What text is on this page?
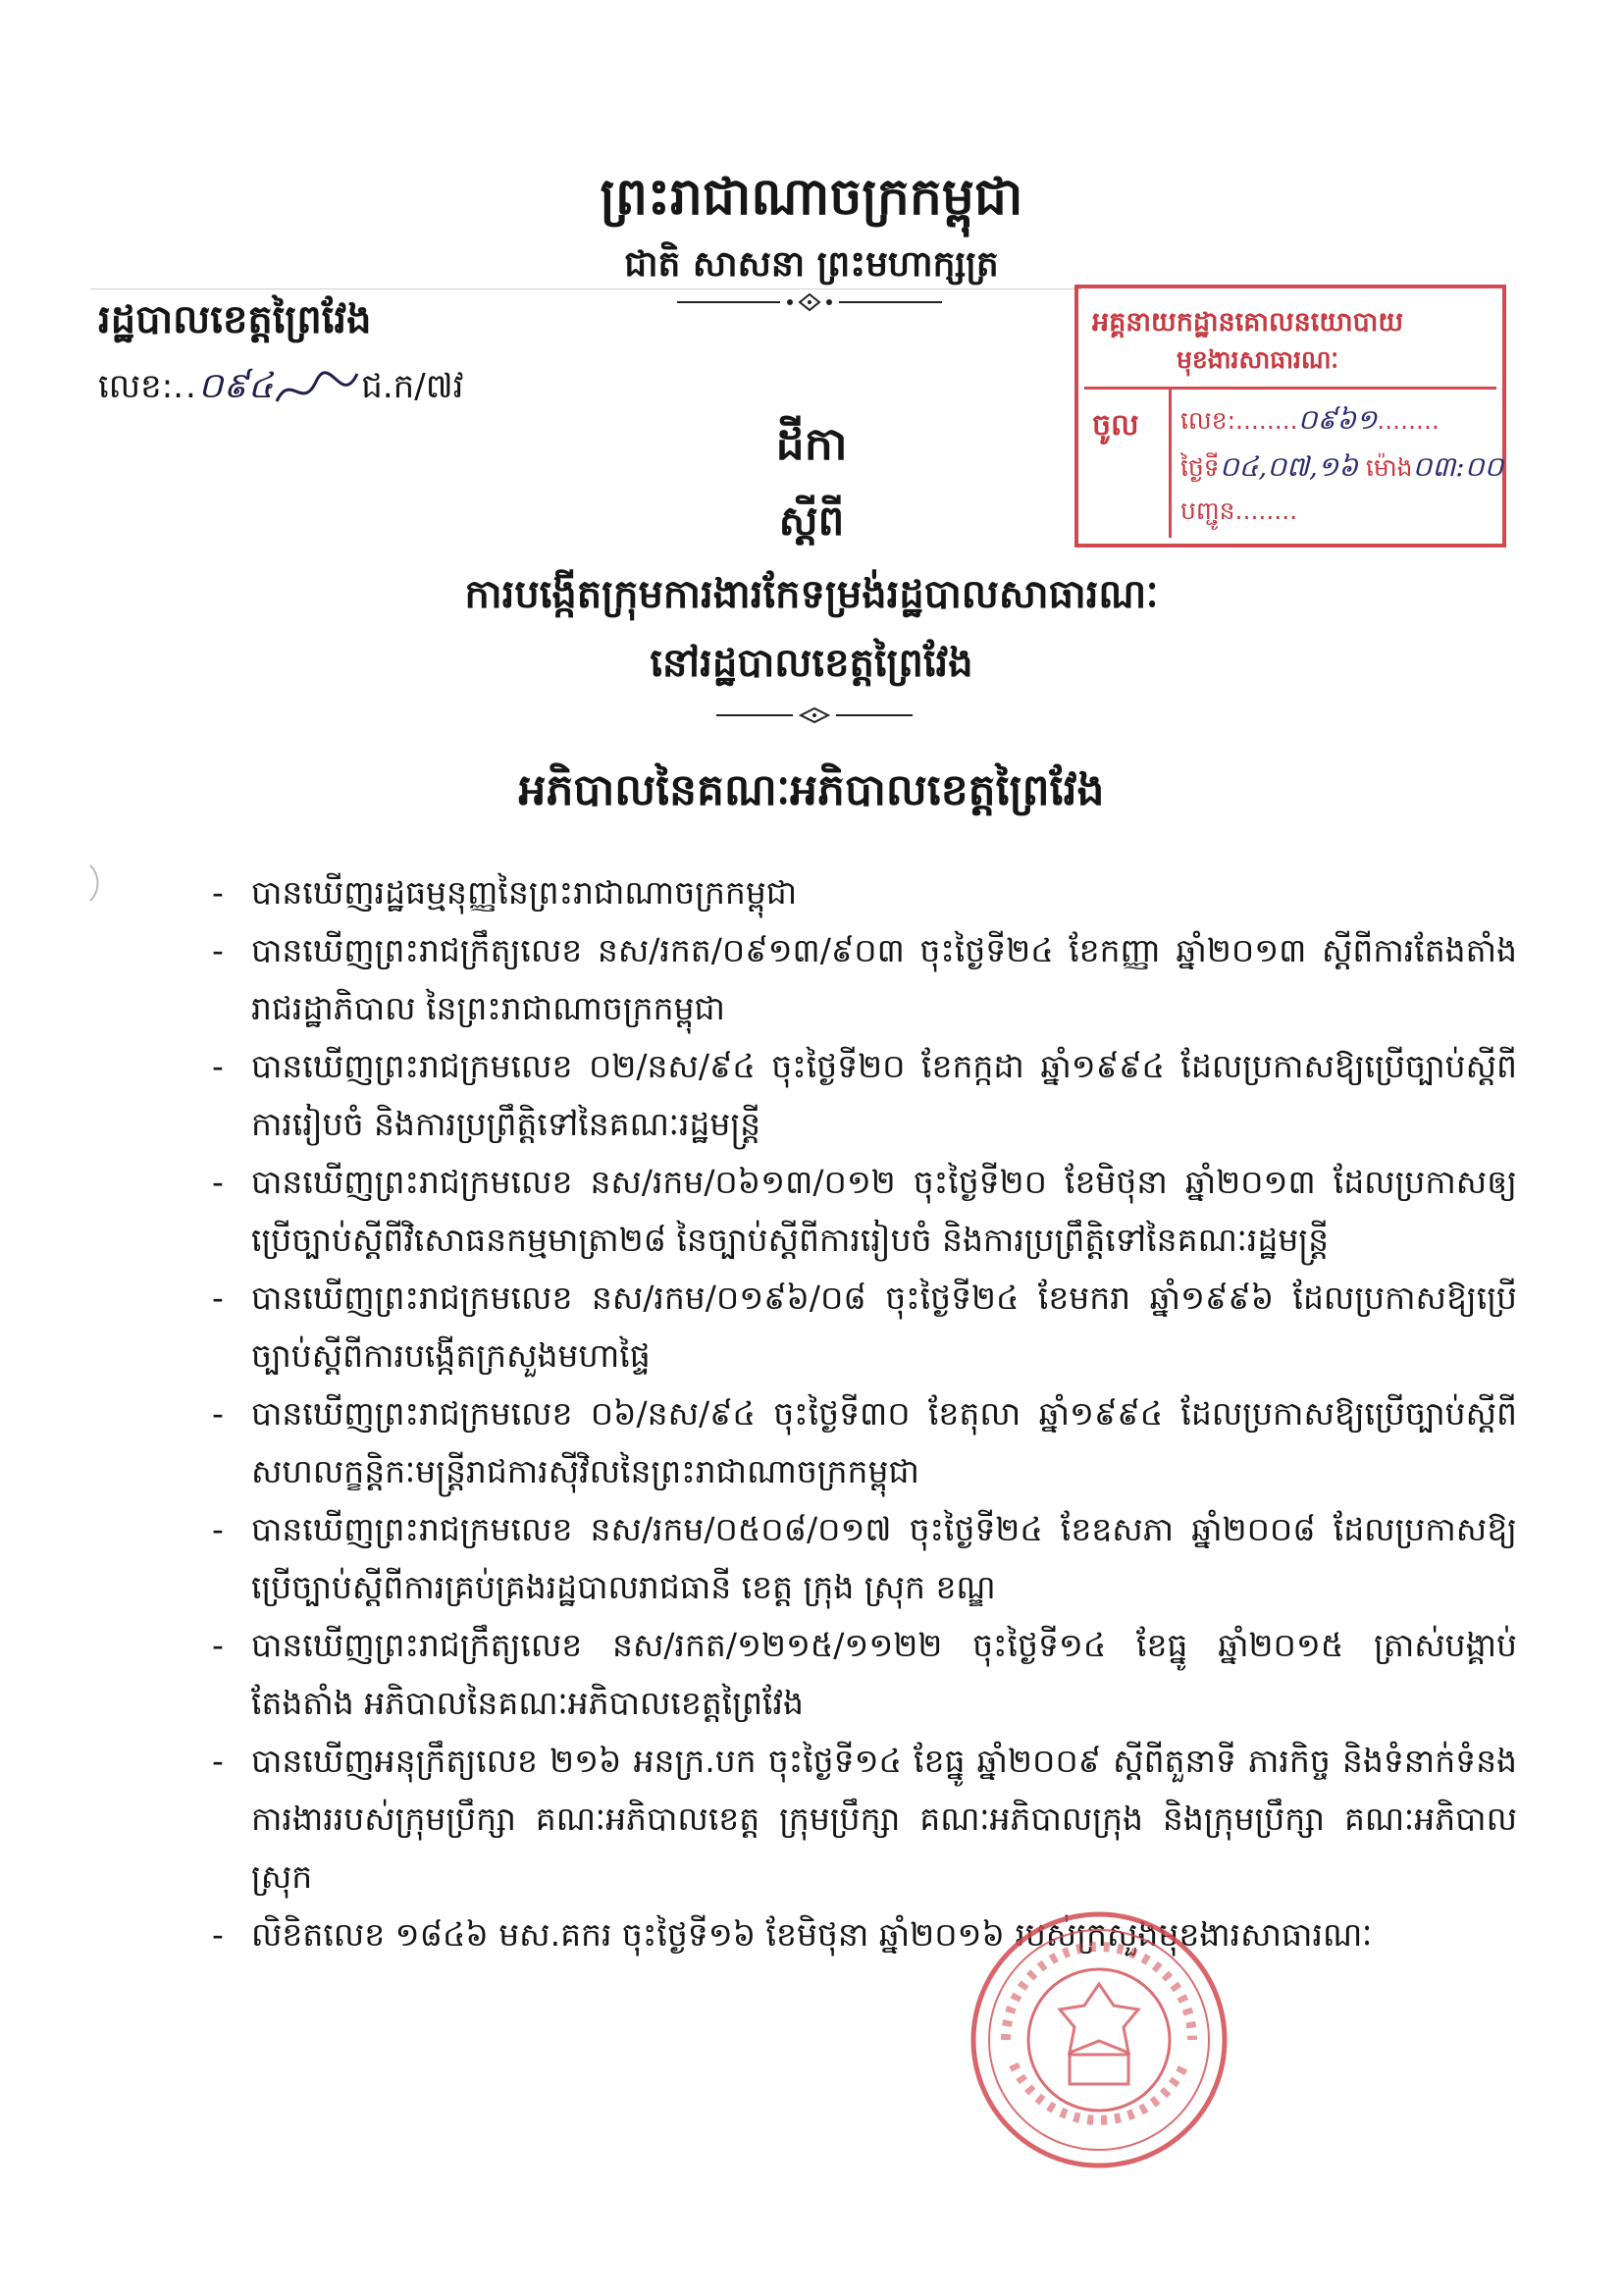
ព្រះរាជាណាចក្រកម្ពុជា
ជាតិ សាសនា ព្រះមហាក្សត្រ
រដ្ឋបាលខេត្តព្រៃវែង
លេខ:..០៩៤	ជ.ក/៧វ
ដីកា
ស្តីពី
ការបង្កើតក្រុមការងារកែទម្រង់រដ្ឋបាលសាធារណៈ
នៅរដ្ឋបាលខេត្តព្រៃវែង
អភិបាលនៃគណៈអភិបាលខេត្តព្រៃវែង
អគ្គនាយកដ្ឋានគោលនយោបាយ
មុខងារសាធារណៈ
ចូល លេខ:........០៩៦១........
ថ្ងៃទី០៤,០៧,១៦ ម៉ោង០៣:០០
បញ្ជូន........

- បានឃើញរដ្ឋធម្មនុញ្ញនៃព្រះរាជាណាចក្រកម្ពុជា

- បានឃើញព្រះរាជក្រឹត្យលេខ នស/រកត/០៩១៣/៩០៣ ចុះថ្ងៃទី២៤ ខែកញ្ញា ឆ្នាំ២០១៣ ស្តីពីការតែងតាំងរាជរដ្ឋាភិបាល នៃព្រះរាជាណាចក្រកម្ពុជា

- បានឃើញព្រះរាជក្រមលេខ ០២/នស/៩៤ ចុះថ្ងៃទី២០ ខែកក្កដា ឆ្នាំ១៩៩៤ ដែលប្រកាសឱ្យប្រើច្បាប់ស្តីពី ការរៀបចំ និងការប្រព្រឹត្តិទៅនៃគណៈរដ្ឋមន្ត្រី

- បានឃើញព្រះរាជក្រមលេខ នស/រកម/០៦១៣/០១២ ចុះថ្ងៃទី២០ ខែមិថុនា ឆ្នាំ២០១៣ ដែលប្រកាសឲ្យប្រើច្បាប់ស្តីពីវិសោធនកម្មមាត្រា២៨ នៃច្បាប់ស្តីពីការរៀបចំ និងការប្រព្រឹត្តិទៅនៃគណៈរដ្ឋមន្ត្រី

- បានឃើញព្រះរាជក្រមលេខ នស/រកម/០១៩៦/០៨ ចុះថ្ងៃទី២៤ ខែមករា ឆ្នាំ១៩៩៦ ដែលប្រកាសឱ្យប្រើច្បាប់ស្តីពីការបង្កើតក្រសួងមហាផ្ទៃ

- បានឃើញព្រះរាជក្រមលេខ ០៦/នស/៩៤ ចុះថ្ងៃទី៣០ ខែតុលា ឆ្នាំ១៩៩៤ ដែលប្រកាសឱ្យប្រើច្បាប់ស្តីពី សហលក្ខន្តិកៈមន្ត្រីរាជការស៊ីវិលនៃព្រះរាជាណាចក្រកម្ពុជា

- បានឃើញព្រះរាជក្រមលេខ នស/រកម/០៥០៨/០១៧ ចុះថ្ងៃទី២៤ ខែឧសភា ឆ្នាំ២០០៨ ដែលប្រកាសឱ្យប្រើច្បាប់ស្តីពីការគ្រប់គ្រងរដ្ឋបាលរាជធានី ខេត្ត ក្រុង ស្រុក ខណ្ឌ

- បានឃើញព្រះរាជក្រឹត្យលេខ នស/រកត/១២១៥/១១២២ ចុះថ្ងៃទី១៤ ខែធ្នូ ឆ្នាំ២០១៥ ត្រាស់បង្គាប់តែងតាំង អភិបាលនៃគណៈអភិបាលខេត្តព្រៃវែង

- បានឃើញអនុក្រឹត្យលេខ ២១៦ អនក្រ.បក ចុះថ្ងៃទី១៤ ខែធ្នូ ឆ្នាំ២០០៩ ស្តីពីតួនាទី ភារកិច្ច និងទំនាក់ទំនងការងាររបស់ក្រុមប្រឹក្សា គណៈអភិបាលខេត្ត ក្រុមប្រឹក្សា គណៈអភិបាលក្រុង និងក្រុមប្រឹក្សា គណៈអភិបាលស្រុក

- លិខិតលេខ ១៨៤៦ មស.គករ ចុះថ្ងៃទី១៦ ខែមិថុនា ឆ្នាំ២០១៦ របស់ក្រសួងមុខងារសាធារណៈ
